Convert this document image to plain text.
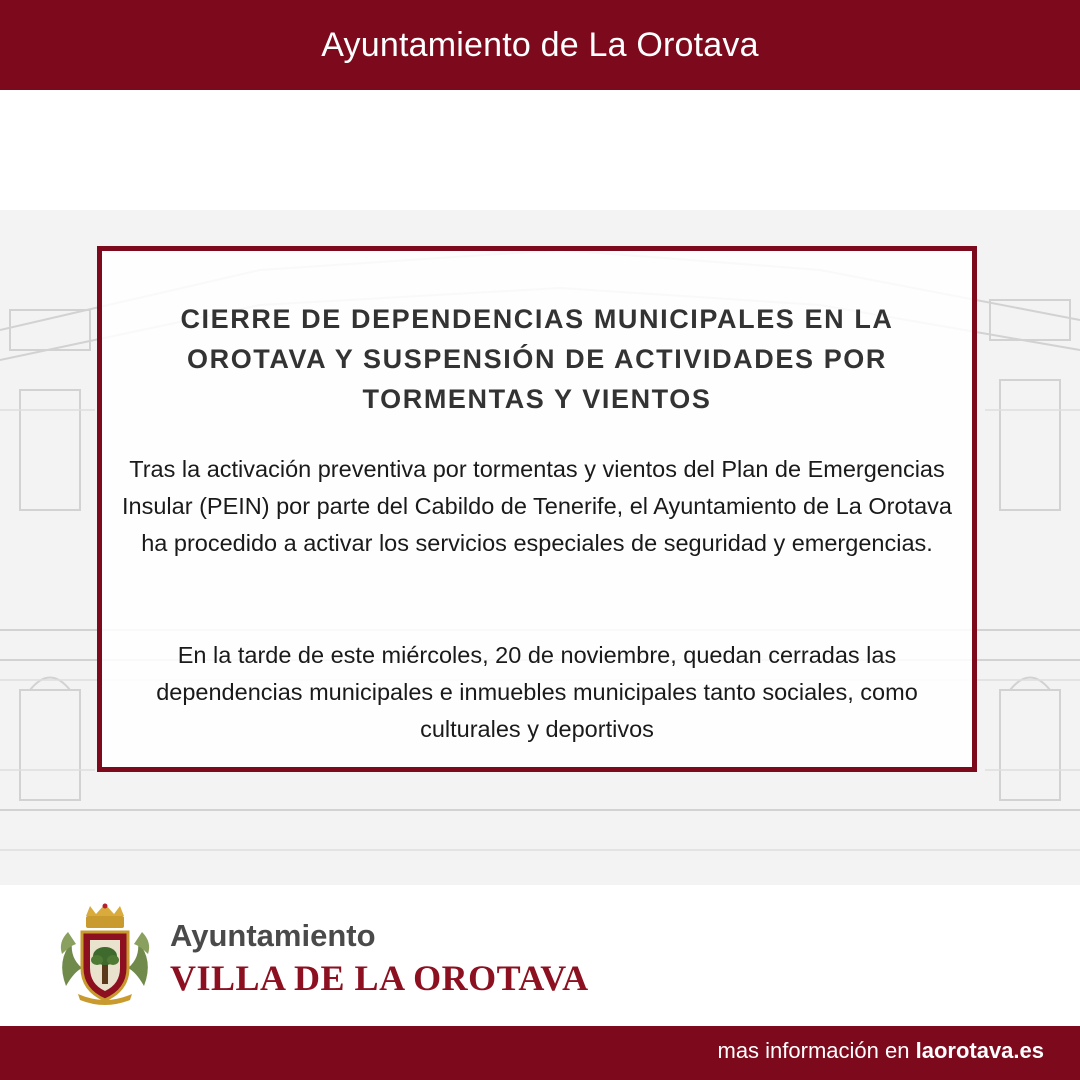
Ayuntamiento de La Orotava
CIERRE DE DEPENDENCIAS MUNICIPALES EN LA OROTAVA Y SUSPENSIÓN DE ACTIVIDADES POR TORMENTAS Y VIENTOS

Tras la activación preventiva por tormentas y vientos del Plan de Emergencias Insular (PEIN) por parte del Cabildo de Tenerife, el Ayuntamiento de La Orotava ha procedido a activar los servicios especiales de seguridad y emergencias.

En la tarde de este miércoles, 20 de noviembre, quedan cerradas las dependencias municipales e inmuebles municipales tanto sociales, como culturales y deportivos

Ayuntamiento
VILLA DE LA OROTAVA
mas información en laorotava.es
